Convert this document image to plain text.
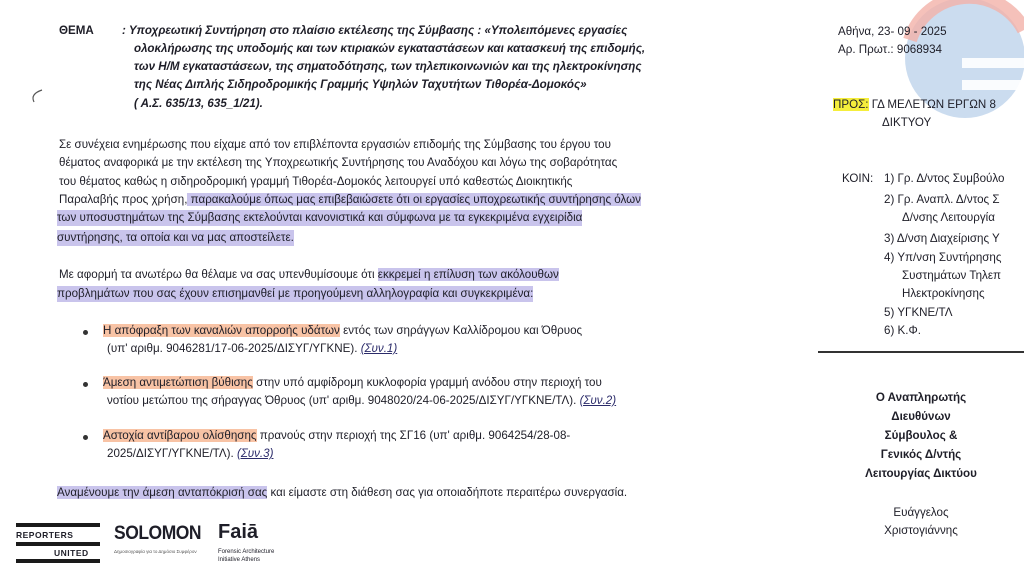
ΘΕΜΑ : Υποχρεωτική Συντήρηση στο πλαίσιο εκτέλεσης της Σύμβασης : «Υπολειπόμενες εργασίες
ολοκλήρωσης της υποδομής και των κτιριακών εγκαταστάσεων και κατασκευή της επιδομής,
των Η/Μ εγκαταστάσεων, της σηματοδότησης, των τηλεπικοινωνιών και της ηλεκτροκίνησης
της Νέας Διπλής Σιδηροδρομικής Γραμμής Υψηλών Ταχυτήτων Τιθορέα-Δομοκός»
( Α.Σ. 635/13, 635_1/21).
Αθήνα, 23- 09 - 2025
Αρ. Πρωτ.: 9068934
ΠΡΟΣ: ΓΔ ΜΕΛΕΤΩΝ ΕΡΓΩΝ 8
ΔΙΚΤΥΟΥ
ΚΟΙΝ: 1) Γρ. Δ/ντος Συμβούλο
2) Γρ. Αναπλ. Δ/ντος Σ
Δ/νσης Λειτουργία
3) Δ/νση Διαχείρισης Υ
4) Υπ/νση Συντήρησης
Συστημάτων Τηλεπ
Ηλεκτροκίνησης
5) ΥΓΚΝΕ/ΤΛ
6) Κ.Φ.
Σε συνέχεια ενημέρωσης που είχαμε από τον επιβλέποντα εργασιών επιδομής της Σύμβασης του έργου του
θέματος αναφορικά με την εκτέλεση της Υποχρεωτικής Συντήρησης του Αναδόχου και λόγω της σοβαρότητας
του θέματος καθώς η σιδηροδρομική γραμμή Τιθορέα-Δομοκός λειτουργεί υπό καθεστώς Διοικητικής
Παραλαβής προς χρήση, παρακαλούμε όπως μας επιβεβαιώσετε ότι οι εργασίες υποχρεωτικής συντήρησης όλων
των υποσυστημάτων της Σύμβασης εκτελούνται κανονιστικά και σύμφωνα με τα εγκεκριμένα εγχειρίδια
συντήρησης, τα οποία και να μας αποστείλετε.
Με αφορμή τα ανωτέρω θα θέλαμε να σας υπενθυμίσουμε ότι εκκρεμεί η επίλυση των ακόλουθων
προβλημάτων που σας έχουν επισημανθεί με προηγούμενη αλληλογραφία και συγκεκριμένα:
Η απόφραξη των καναλιών απορροής υδάτων εντός των σηράγγων Καλλίδρομου και Όθρυος
(υπ' αριθμ. 9046281/17-06-2025/ΔΙΣΥΓ/ΥΓΚΝΕ). (Συν.1)
Άμεση αντιμετώπιση βύθισης στην υπό αμφίδρομη κυκλοφορία γραμμή ανόδου στην περιοχή του
νοτίου μετώπου της σήραγγας Όθρυος (υπ' αριθμ. 9048020/24-06-2025/ΔΙΣΥΓ/ΥΓΚΝΕ/ΤΛ). (Συν.2)
Αστοχία αντίβαρου ολίσθησης πρανούς στην περιοχή της ΣΓ16 (υπ' αριθμ. 9064254/28-08-
2025/ΔΙΣΥΓ/ΥΓΚΝΕ/ΤΛ). (Συν.3)
Αναμένουμε την άμεση ανταπόκρισή σας και είμαστε στη διάθεση σας για οποιαδήποτε περαιτέρω συνεργασία.
Ο Αναπληρωτής
Διευθύνων
Σύμβουλος &
Γενικός Δ/ντής
Λειτουργίας Δικτύου
Ευάγγελος
Χριστογιάννης
REPORTERS
UNITED
SOLOMON
Δημοσιογραφία για το Δημόσιο Συμφέρον
Faiā
Forensic Architecture
Initiative Athens
